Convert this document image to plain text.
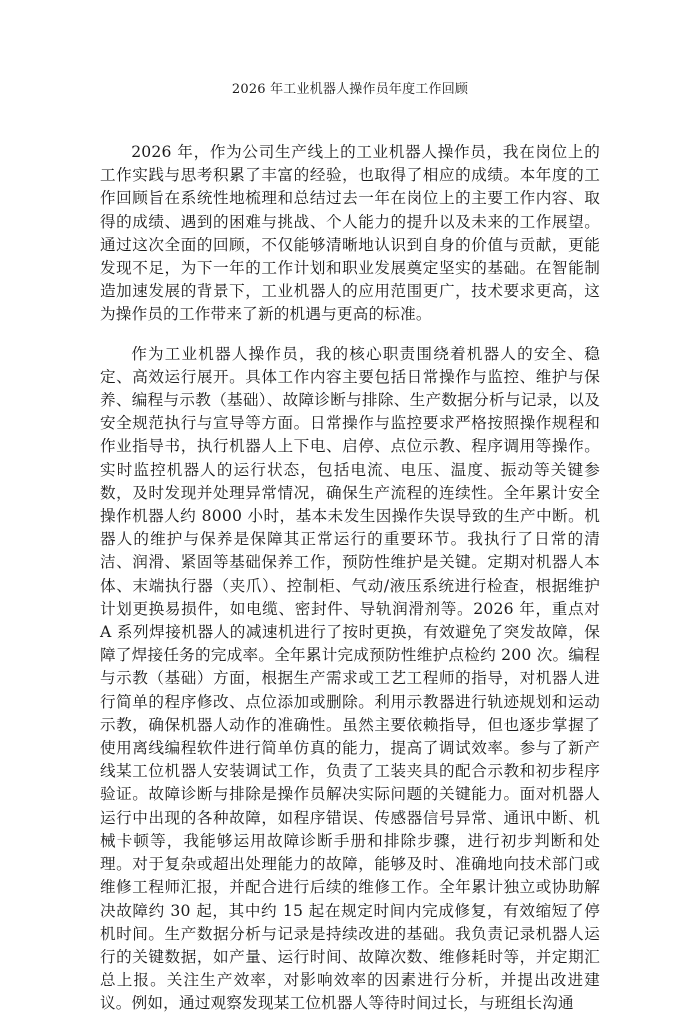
2026 年工业机器人操作员年度工作回顾

2026 年，作为公司生产线上的工业机器人操作员，我在岗位上的工作实践与思考积累了丰富的经验，也取得了相应的成绩。本年度的工作回顾旨在系统性地梳理和总结过去一年在岗位上的主要工作内容、取得的成绩、遇到的困难与挑战、个人能力的提升以及未来的工作展望。通过这次全面的回顾，不仅能够清晰地认识到自身的价值与贡献，更能发现不足，为下一年的工作计划和职业发展奠定坚实的基础。在智能制造加速发展的背景下，工业机器人的应用范围更广，技术要求更高，这为操作员的工作带来了新的机遇与更高的标准。

作为工业机器人操作员，我的核心职责围绕着机器人的安全、稳定、高效运行展开。具体工作内容主要包括日常操作与监控、维护与保养、编程与示教（基础）、故障诊断与排除、生产数据分析与记录，以及安全规范执行与宣导等方面。日常操作与监控要求严格按照操作规程和作业指导书，执行机器人上下电、启停、点位示教、程序调用等操作。实时监控机器人的运行状态，包括电流、电压、温度、振动等关键参数，及时发现并处理异常情况，确保生产流程的连续性。全年累计安全操作机器人约 8000 小时，基本未发生因操作失误导致的生产中断。机器人的维护与保养是保障其正常运行的重要环节。我执行了日常的清洁、润滑、紧固等基础保养工作，预防性维护是关键。定期对机器人本体、末端执行器（夹爪）、控制柜、气动/液压系统进行检查，根据维护计划更换易损件，如电缆、密封件、导轨润滑剂等。2026 年，重点对 A 系列焊接机器人的减速机进行了按时更换，有效避免了突发故障，保障了焊接任务的完成率。全年累计完成预防性维护点检约 200 次。编程与示教（基础）方面，根据生产需求或工艺工程师的指导，对机器人进行简单的程序修改、点位添加或删除。利用示教器进行轨迹规划和运动示教，确保机器人动作的准确性。虽然主要依赖指导，但也逐步掌握了使用离线编程软件进行简单仿真的能力，提高了调试效率。参与了新产线某工位机器人安装调试工作，负责了工装夹具的配合示教和初步程序验证。故障诊断与排除是操作员解决实际问题的关键能力。面对机器人运行中出现的各种故障，如程序错误、传感器信号异常、通讯中断、机械卡顿等，我能够运用故障诊断手册和排除步骤，进行初步判断和处理。对于复杂或超出处理能力的故障，能够及时、准确地向技术部门或维修工程师汇报，并配合进行后续的维修工作。全年累计独立或协助解决故障约 30 起，其中约 15 起在规定时间内完成修复，有效缩短了停机时间。生产数据分析与记录是持续改进的基础。我负责记录机器人运行的关键数据，如产量、运行时间、故障次数、维修耗时等，并定期汇总上报。关注生产效率，对影响效率的因素进行分析，并提出改进建议。例如，通过观察发现某工位机器人等待时间过长，与班组长沟通
